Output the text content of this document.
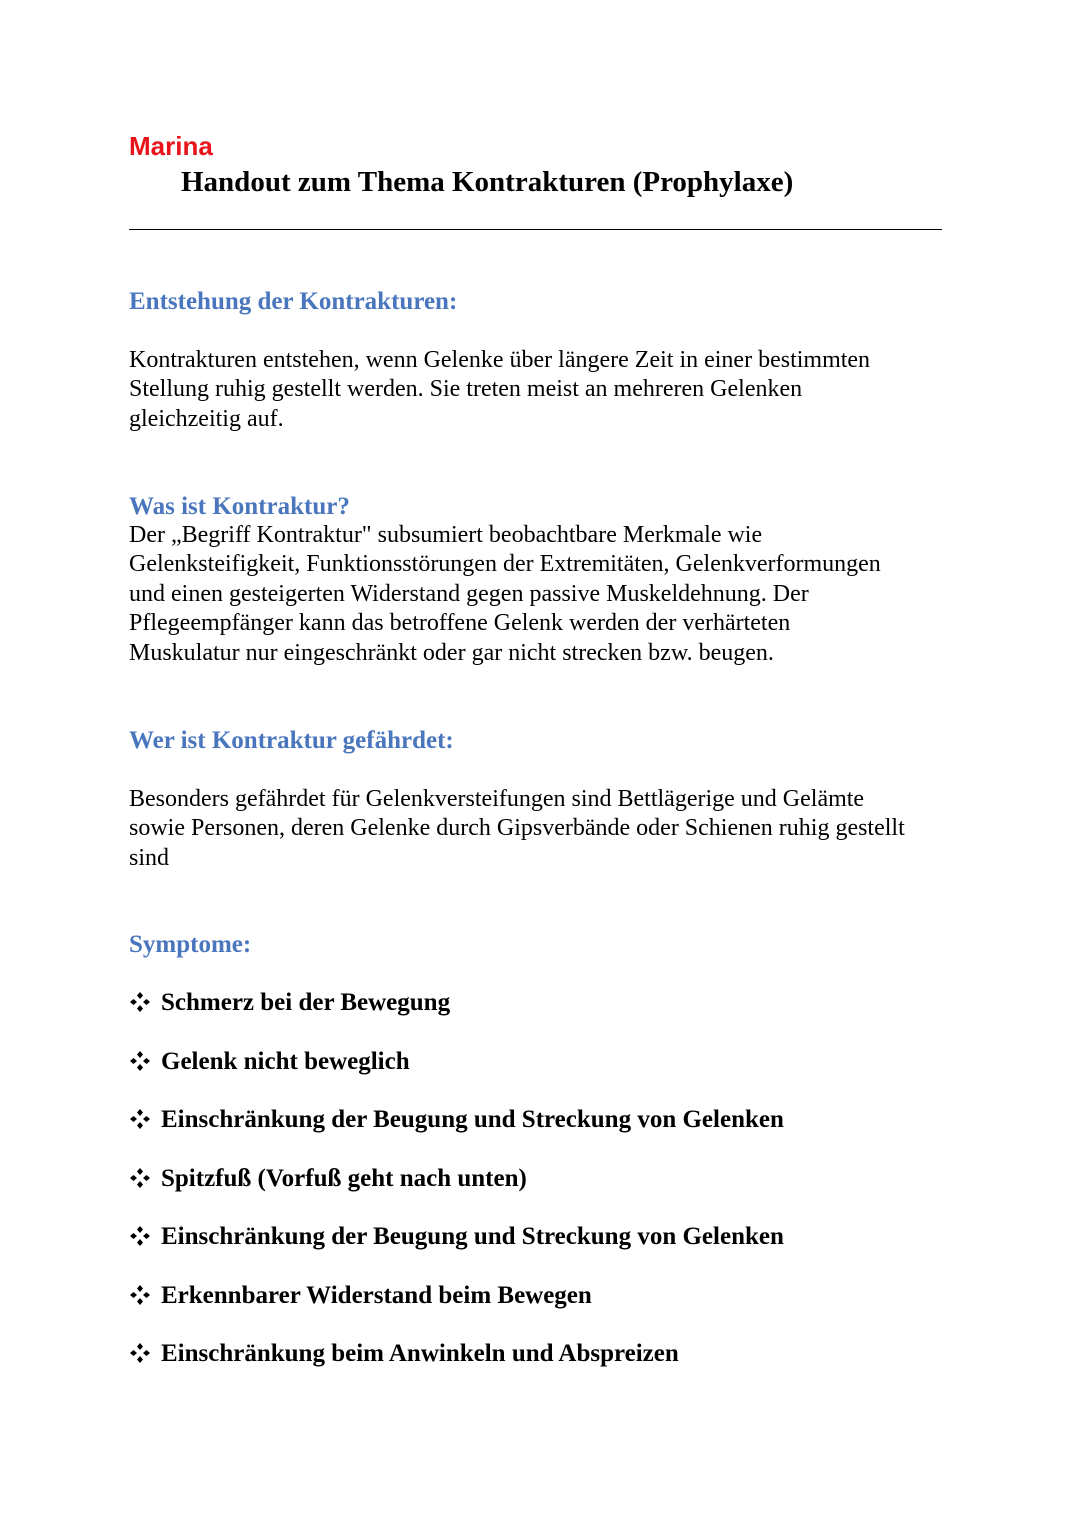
Marina
Handout zum Thema Kontrakturen (Prophylaxe)
Entstehung der Kontrakturen:
Kontrakturen entstehen, wenn Gelenke über längere Zeit in einer bestimmten
Stellung ruhig gestellt werden. Sie treten meist an mehreren Gelenken
gleichzeitig auf.
Was ist Kontraktur?
Der „Begriff Kontraktur" subsumiert beobachtbare Merkmale wie
Gelenksteifigkeit, Funktionsstörungen der Extremitäten, Gelenkverformungen
und einen gesteigerten Widerstand gegen passive Muskeldehnung. Der
Pflegeempfänger kann das betroffene Gelenk werden der verhärteten
Muskulatur nur eingeschränkt oder gar nicht strecken bzw. beugen.
Wer ist Kontraktur gefährdet:
Besonders gefährdet für Gelenkversteifungen sind Bettlägerige und Gelämte
sowie Personen, deren Gelenke durch Gipsverbände oder Schienen ruhig gestellt
sind
Symptome:
Schmerz bei der Bewegung
Gelenk nicht beweglich
Einschränkung der Beugung und Streckung von Gelenken
Spitzfuß (Vorfuß geht nach unten)
Einschränkung der Beugung und Streckung von Gelenken
Erkennbarer Widerstand beim Bewegen
Einschränkung beim Anwinkeln und Abspreizen
